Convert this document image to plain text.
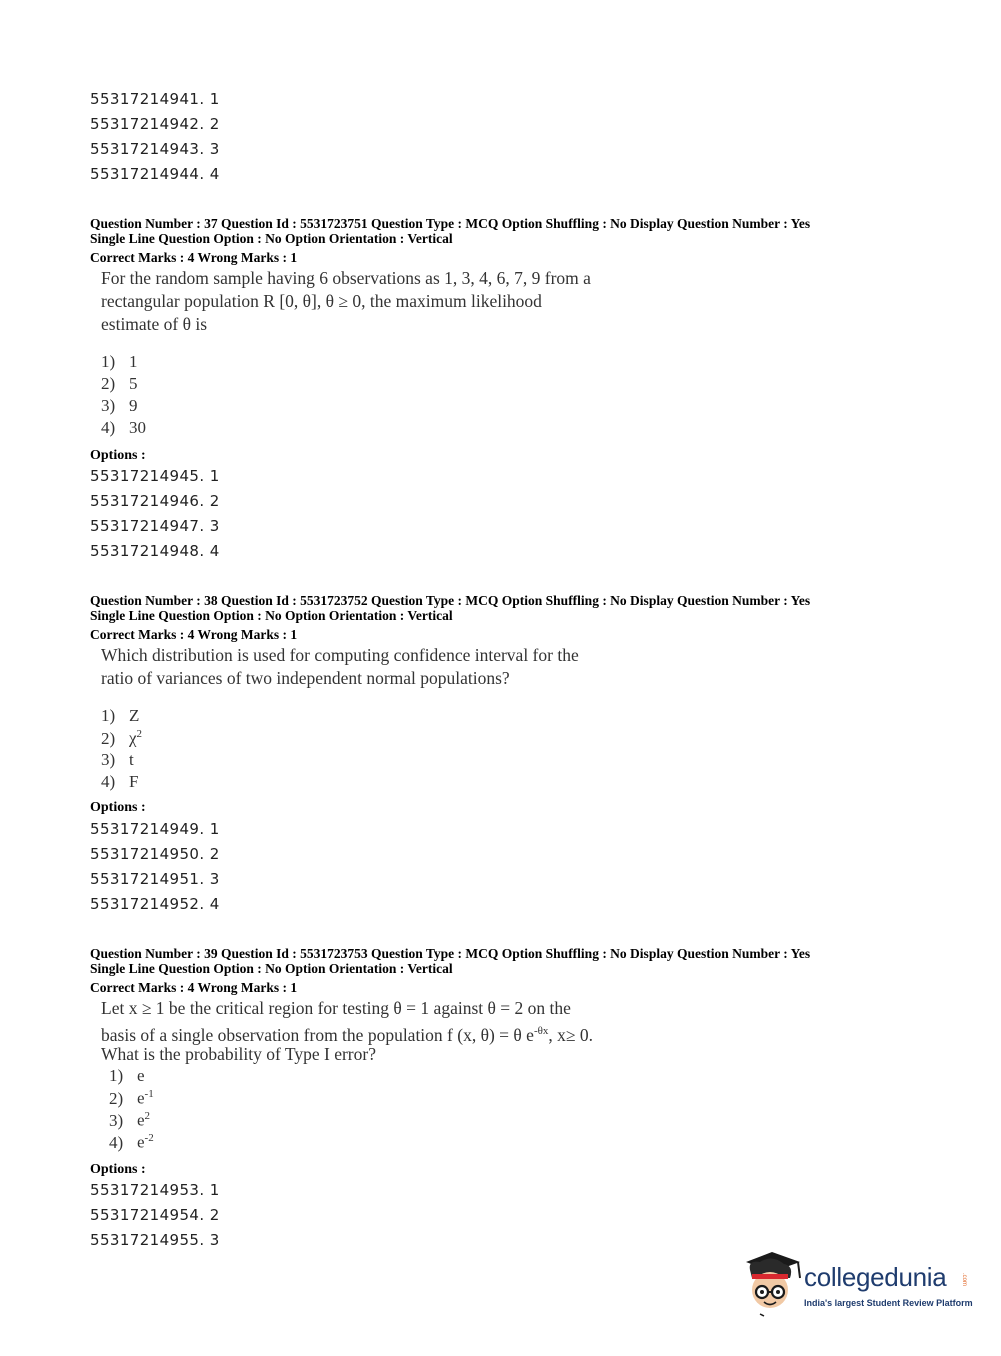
55317214941. 1
55317214942. 2
55317214943. 3
55317214944. 4
Question Number : 37 Question Id : 5531723751 Question Type : MCQ Option Shuffling : No Display Question Number : Yes
Single Line Question Option : No Option Orientation : Vertical
Correct Marks : 4 Wrong Marks : 1
For the random sample having 6 observations as 1, 3, 4, 6, 7, 9 from a
rectangular population R [0, θ], θ ≥ 0, the maximum likelihood
estimate of θ is
1) 1
2) 5
3) 9
4) 30
Options :
55317214945. 1
55317214946. 2
55317214947. 3
55317214948. 4
Question Number : 38 Question Id : 5531723752 Question Type : MCQ Option Shuffling : No Display Question Number : Yes
Single Line Question Option : No Option Orientation : Vertical
Correct Marks : 4 Wrong Marks : 1
Which distribution is used for computing confidence interval for the
ratio of variances of two independent normal populations?
1) Z
2) $\chi^2$
3) t
4) F
Options :
55317214949. 1
55317214950. 2
55317214951. 3
55317214952. 4
Question Number : 39 Question Id : 5531723753 Question Type : MCQ Option Shuffling : No Display Question Number : Yes
Single Line Question Option : No Option Orientation : Vertical
Correct Marks : 4 Wrong Marks : 1
Let x ≥ 1 be the critical region for testing θ = 1 against θ = 2 on the
basis of a single observation from the population f (x, θ) = θ $e^{-\theta x}$, x≥ 0.
What is the probability of Type I error?
1) e
2) $e^{-1}$
3) $e^2$
4) $e^{-2}$
Options :
55317214953. 1
55317214954. 2
55317214955. 3
collegedunia .com
India's largest Student Review Platform
